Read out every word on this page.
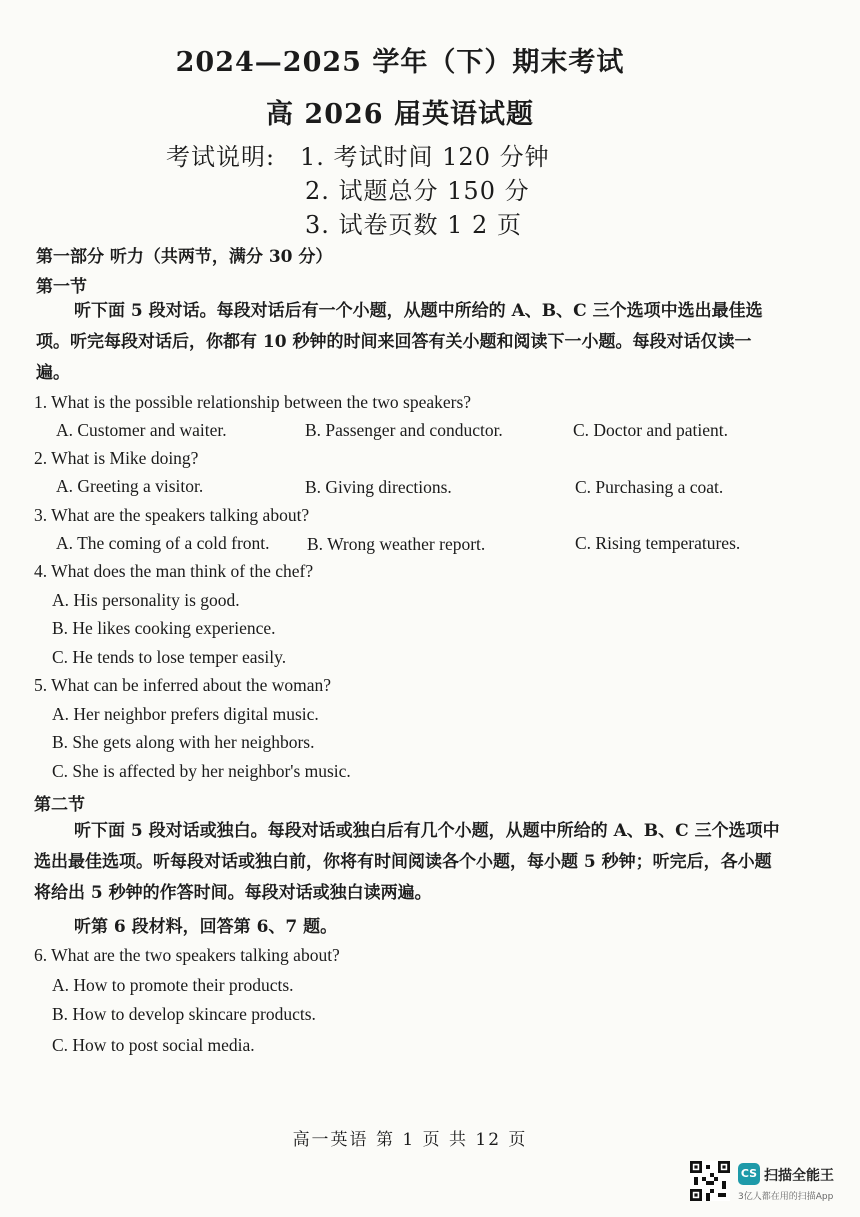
2024—2025 学年（下）期末考试
高 2026 届英语试题
考试说明: 1. 考试时间 120 分钟
2. 试题总分 150 分
3. 试卷页数 1 2 页
第一部分 听力（共两节，满分 30 分）
第一节
听下面 5 段对话。每段对话后有一个小题，从题中所给的 A、B、C 三个选项中选出最佳选项。听完每段对话后，你都有 10 秒钟的时间来回答有关小题和阅读下一小题。每段对话仅读一遍。
1. What is the possible relationship between the two speakers?
A. Customer and waiter.	B. Passenger and conductor.	C. Doctor and patient.
2. What is Mike doing?
A. Greeting a visitor.	B. Giving directions.	C. Purchasing a coat.
3. What are the speakers talking about?
A. The coming of a cold front. B. Wrong weather report.	C. Rising temperatures.
4. What does the man think of the chef?
A. His personality is good.
B. He likes cooking experience.
C. He tends to lose temper easily.
5. What can be inferred about the woman?
A. Her neighbor prefers digital music.
B. She gets along with her neighbors.
C. She is affected by her neighbor's music.
第二节
听下面 5 段对话或独白。每段对话或独白后有几个小题，从题中所给的 A、B、C 三个选项中选出最佳选项。听每段对话或独白前，你将有时间阅读各个小题，每小题 5 秒钟；听完后，各小题将给出 5 秒钟的作答时间。每段对话或独白读两遍。
听第 6 段材料，回答第 6、7 题。
6. What are the two speakers talking about?
A. How to promote their products.
B. How to develop skincare products.
C. How to post social media.
高一英语 第 1 页 共 12 页
CS 扫描全能王
3亿人都在用的扫描App
